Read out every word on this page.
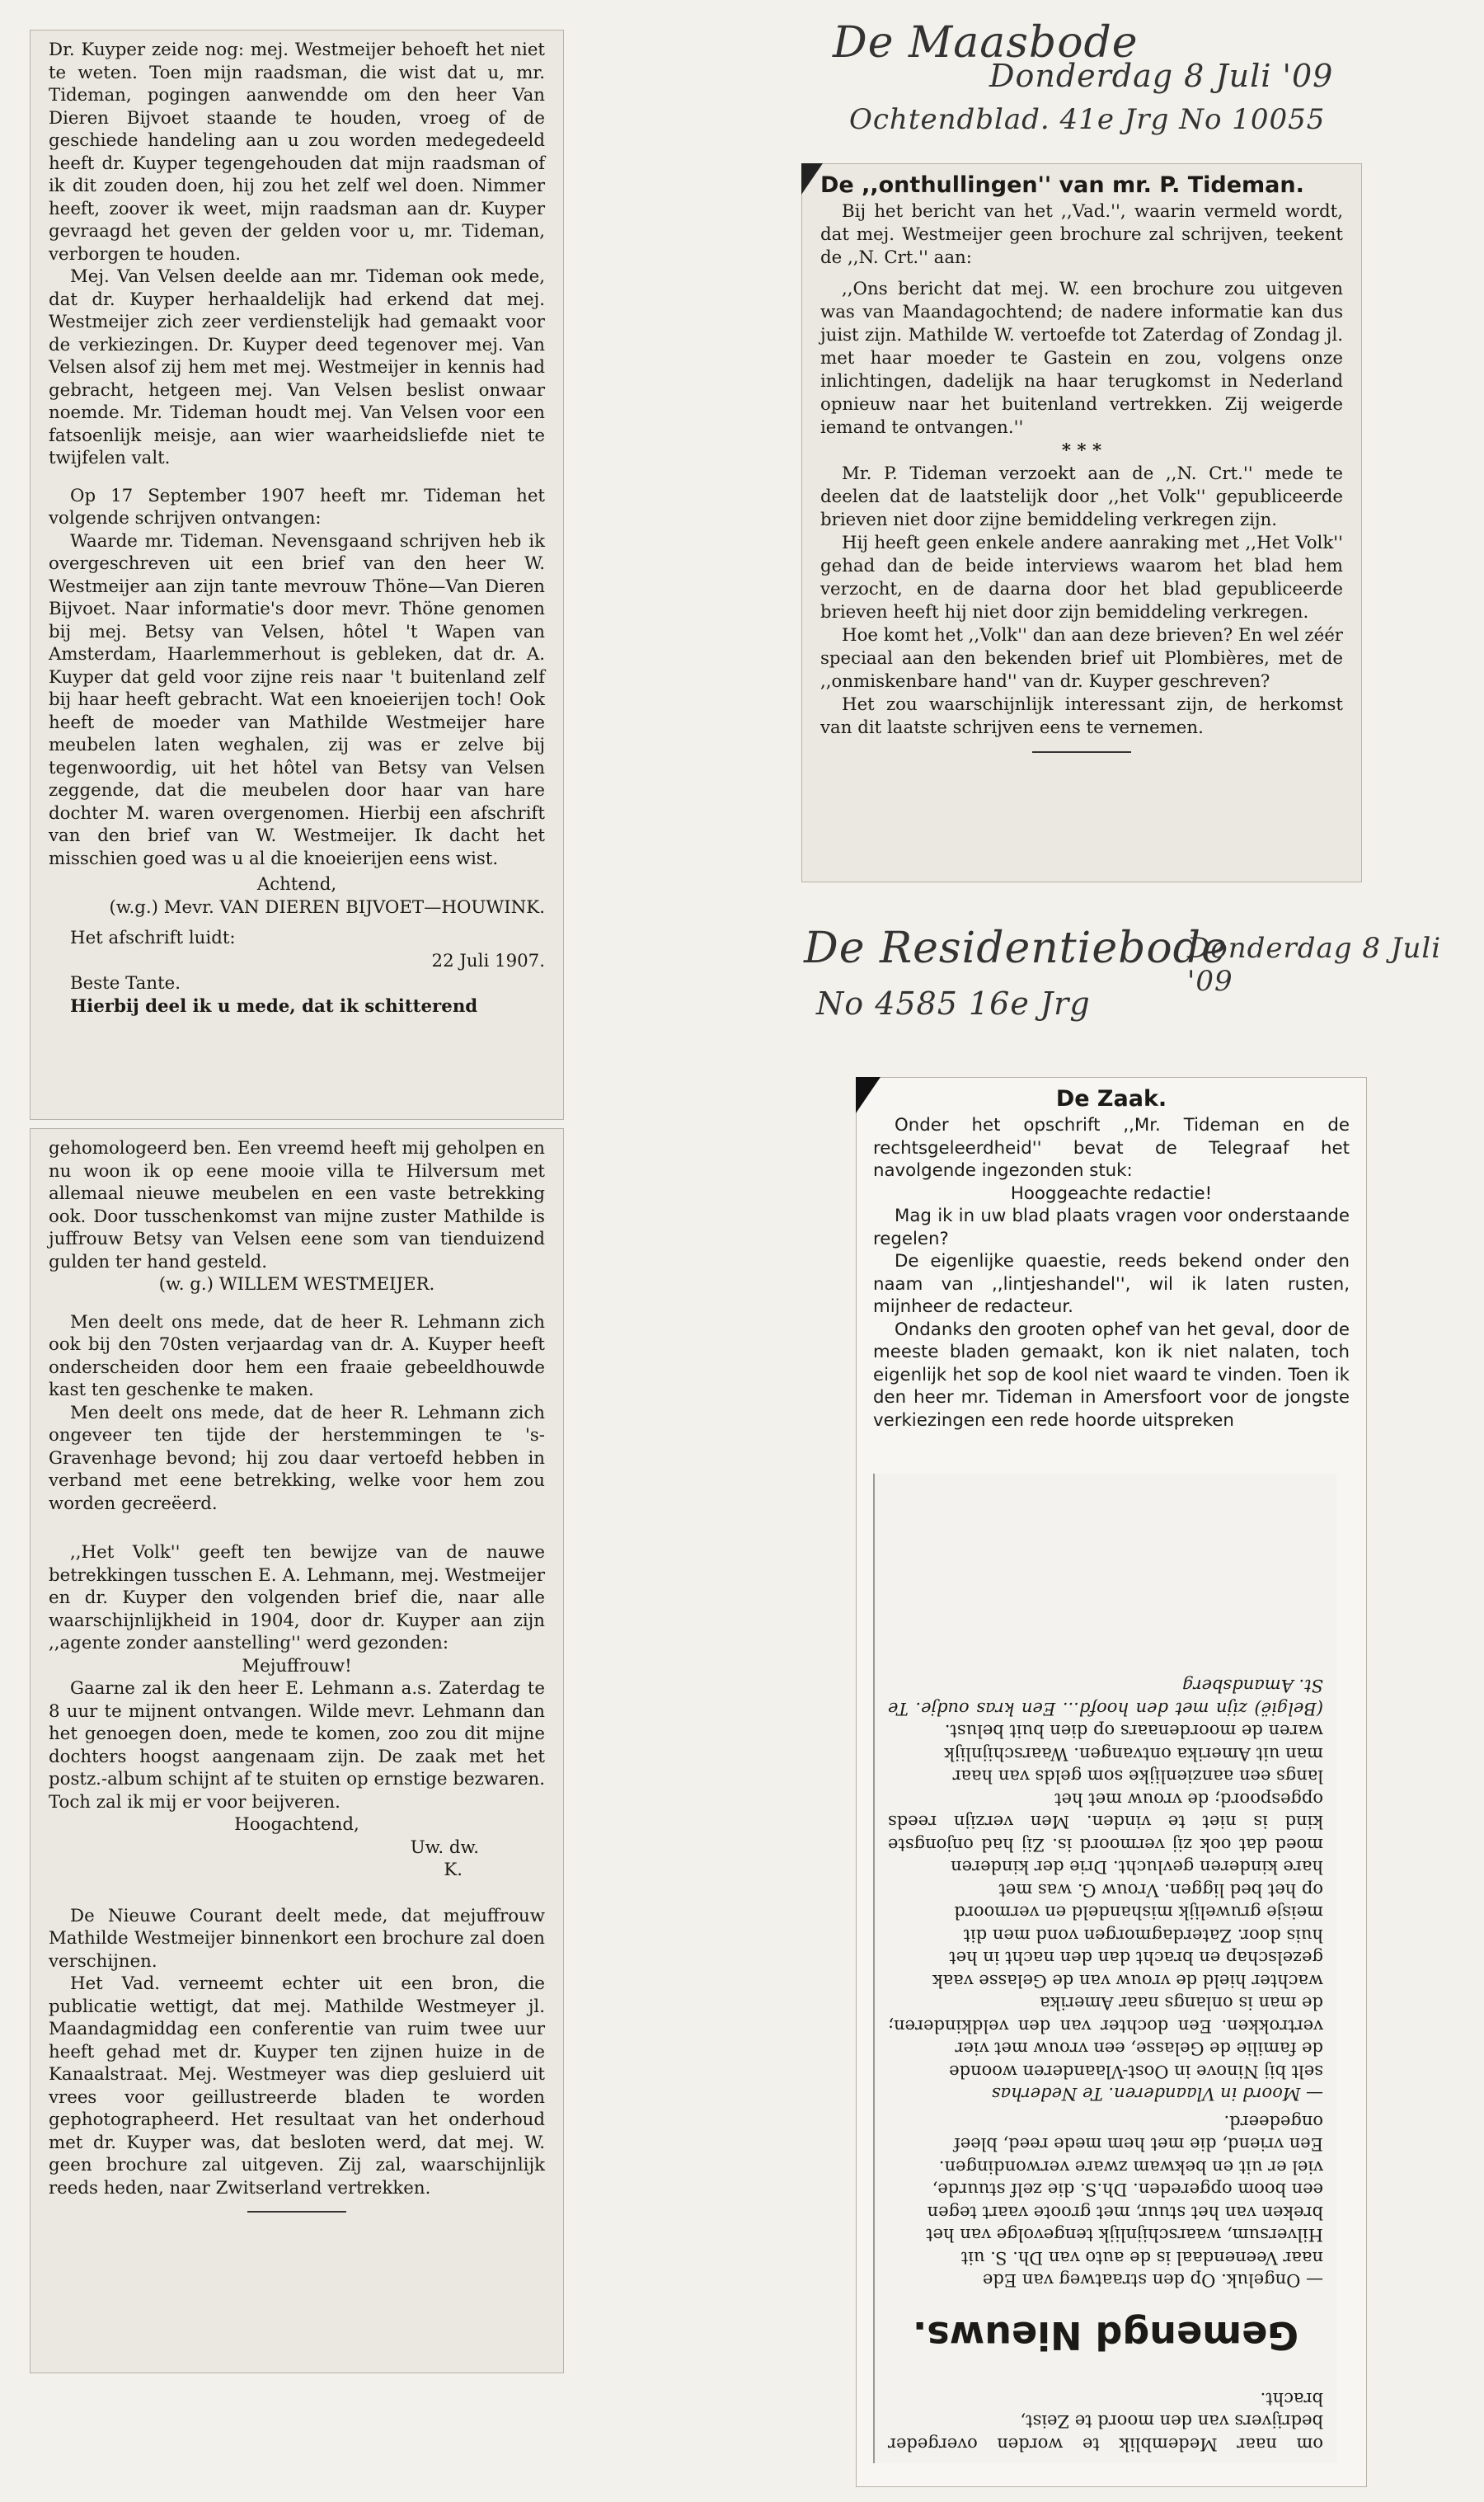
Dr. Kuyper zeide nog: mej. Westmeijer behoeft het niet te weten. Toen mijn raadsman, die wist dat u, mr. Tideman, pogingen aanwendde om den heer Van Dieren Bijvoet staande te houden, vroeg of de geschiede handeling aan u zou worden medegedeeld heeft dr. Kuyper tegengehouden dat mijn raadsman of ik dit zouden doen, hij zou het zelf wel doen. Nimmer heeft, zoover ik weet, mijn raadsman aan dr. Kuyper gevraagd het geven der gelden voor u, mr. Tideman, verborgen te houden.

Mej. Van Velsen deelde aan mr. Tideman ook mede, dat dr. Kuyper herhaaldelijk had erkend dat mej. Westmeijer zich zeer verdienstelijk had gemaakt voor de verkiezingen. Dr. Kuyper deed tegenover mej. Van Velsen alsof zij hem met mej. Westmeijer in kennis had gebracht, hetgeen mej. Van Velsen beslist onwaar noemde. Mr. Tideman houdt mej. Van Velsen voor een fatsoenlijk meisje, aan wier waarheidsliefde niet te twijfelen valt.

Op 17 September 1907 heeft mr. Tideman het volgende schrijven ontvangen:

Waarde mr. Tideman. Nevensgaand schrijven heb ik overgeschreven uit een brief van den heer W. Westmeijer aan zijn tante mevrouw Thöne—Van Dieren Bijvoet. Naar informatie's door mevr. Thöne genomen bij mej. Betsy van Velsen, hôtel 't Wapen van Amsterdam, Haarlemmerhout is gebleken, dat dr. A. Kuyper dat geld voor zijne reis naar 't buitenland zelf bij haar heeft gebracht. Wat een knoeierijen toch! Ook heeft de moeder van Mathilde Westmeijer hare meubelen laten weghalen, zij was er zelve bij tegenwoordig, uit het hôtel van Betsy van Velsen zeggende, dat die meubelen door haar van hare dochter M. waren overgenomen. Hierbij een afschrift van den brief van W. Westmeijer. Ik dacht het misschien goed was u al die knoeierijen eens wist.

Achtend,

(w.g.) Mevr. VAN DIEREN BIJVOET—HOUWINK.

Het afschrift luidt:

22 Juli 1907.

Beste Tante.

Hierbij deel ik u mede, dat ik schitterend

gehomologeerd ben. Een vreemd heeft mij geholpen en nu woon ik op eene mooie villa te Hilversum met allemaal nieuwe meubelen en een vaste betrekking ook. Door tusschenkomst van mijne zuster Mathilde is juffrouw Betsy van Velsen eene som van tienduizend gulden ter hand gesteld.

(w. g.) WILLEM WESTMEIJER.

Men deelt ons mede, dat de heer R. Lehmann zich ook bij den 70sten verjaardag van dr. A. Kuyper heeft onderscheiden door hem een fraaie gebeeldhouwde kast ten geschenke te maken.

Men deelt ons mede, dat de heer R. Lehmann zich ongeveer ten tijde der herstemmingen te 's-Gravenhage bevond; hij zou daar vertoefd hebben in verband met eene betrekking, welke voor hem zou worden gecreëerd.

,,Het Volk'' geeft ten bewijze van de nauwe betrekkingen tusschen E. A. Lehmann, mej. Westmeijer en dr. Kuyper den volgenden brief die, naar alle waarschijnlijkheid in 1904, door dr. Kuyper aan zijn ,,agente zonder aanstelling'' werd gezonden:

Mejuffrouw!

Gaarne zal ik den heer E. Lehmann a.s. Zaterdag te 8 uur te mijnent ontvangen. Wilde mevr. Lehmann dan het genoegen doen, mede te komen, zoo zou dit mijne dochters hoogst aangenaam zijn. De zaak met het postz.-album schijnt af te stuiten op ernstige bezwaren. Toch zal ik mij er voor beijveren.

Hoogachtend,

Uw. dw.

K.

De Nieuwe Courant deelt mede, dat mejuffrouw Mathilde Westmeijer binnenkort een brochure zal doen verschijnen.

Het Vad. verneemt echter uit een bron, die publicatie wettigt, dat mej. Mathilde Westmeyer jl. Maandagmiddag een conferentie van ruim twee uur heeft gehad met dr. Kuyper ten zijnen huize in de Kanaalstraat. Mej. Westmeyer was diep gesluierd uit vrees voor geillustreerde bladen te worden gephotographeerd. Het resultaat van het onderhoud met dr. Kuyper was, dat besloten werd, dat mej. W. geen brochure zal uitgeven. Zij zal, waarschijnlijk reeds heden, naar Zwitserland vertrekken.

De Maasbode
Donderdag 8 Juli '09
Ochtendblad. 41e Jrg No 10055
De Residentiebode
Donderdag 8 Juli '09
No 4585 16e Jrg
De ,,onthullingen'' van mr. P. Tideman.

Bij het bericht van het ,,Vad.'', waarin vermeld wordt, dat mej. Westmeijer geen brochure zal schrijven, teekent de ,,N. Crt.'' aan:

,,Ons bericht dat mej. W. een brochure zou uitgeven was van Maandagochtend; de nadere informatie kan dus juist zijn. Mathilde W. vertoefde tot Zaterdag of Zondag jl. met haar moeder te Gastein en zou, volgens onze inlichtingen, dadelijk na haar terugkomst in Nederland opnieuw naar het buitenland vertrekken. Zij weigerde iemand te ontvangen.''

* * *

Mr. P. Tideman verzoekt aan de ,,N. Crt.'' mede te deelen dat de laatstelijk door ,,het Volk'' gepubliceerde brieven niet door zijne bemiddeling verkregen zijn.

Hij heeft geen enkele andere aanraking met ,,Het Volk'' gehad dan de beide interviews waarom het blad hem verzocht, en de daarna door het blad gepubliceerde brieven heeft hij niet door zijn bemiddeling verkregen.

Hoe komt het ,,Volk'' dan aan deze brieven? En wel zéér speciaal aan den bekenden brief uit Plombières, met de ,,onmiskenbare hand'' van dr. Kuyper geschreven?

Het zou waarschijnlijk interessant zijn, de herkomst van dit laatste schrijven eens te vernemen.

De Zaak.

Onder het opschrift ,,Mr. Tideman en de rechtsgeleerdheid'' bevat de Telegraaf het navolgende ingezonden stuk:

Hooggeachte redactie!

Mag ik in uw blad plaats vragen voor onderstaande regelen?

De eigenlijke quaestie, reeds bekend onder den naam van ,,lintjeshandel'', wil ik laten rusten, mijnheer de redacteur.

Ondanks den grooten ophef van het geval, door de meeste bladen gemaakt, kon ik niet nalaten, toch eigenlijk het sop de kool niet waard te vinden. Toen ik den heer mr. Tideman in Amersfoort voor de jongste verkiezingen een rede hoorde uitspreken

om naar Medemblik te worden overgeder bedrijvers van den moord te Zeist,
bracht.
Gemengd Nieuws.
— Ongeluk. Op den straatweg van Ede
naar Veenendaal is de auto van Dh. S. uit
Hilversum, waarschijnlijk tengevolge van het
breken van het stuur, met groote vaart tegen
een boom opgereden. Dh.S. die zelf stuurde,
viel er uit en bekwam zware verwondingen.
Een vriend, die met hem mede reed, bleef
ongedeerd.
— Moord in Vlaanderen. Te Nederhas
selt bij Ninove in Oost-Vlaanderen woonde
de familie de Gelasse, een vrouw met vier
vertrokken. Een dochter van den veldkinderen; de man is onlangs naar Amerika
wachter hield de vrouw van de Gelasse vaak
gezelschap en bracht dan den nacht in het
huis door. Zaterdagmorgen vond men dit
meisje gruwelijk mishandeld en vermoord
op het bed liggen. Vrouw G. was met
hare kinderen gevlucht. Drie der kinderen
moed dat ook zij vermoord is. Zij had onjongste kind is niet te vinden. Men verzijn reeds opgespoord; de vrouw met het
langs een aanzienlijke som gelds van haar
man uit Amerika ontvangen. Waarschijnlijk
waren de moordenaars op dien buit belust.
(België) zijn met den hoofd... Een kras oudje. Te St. Amandsberg
